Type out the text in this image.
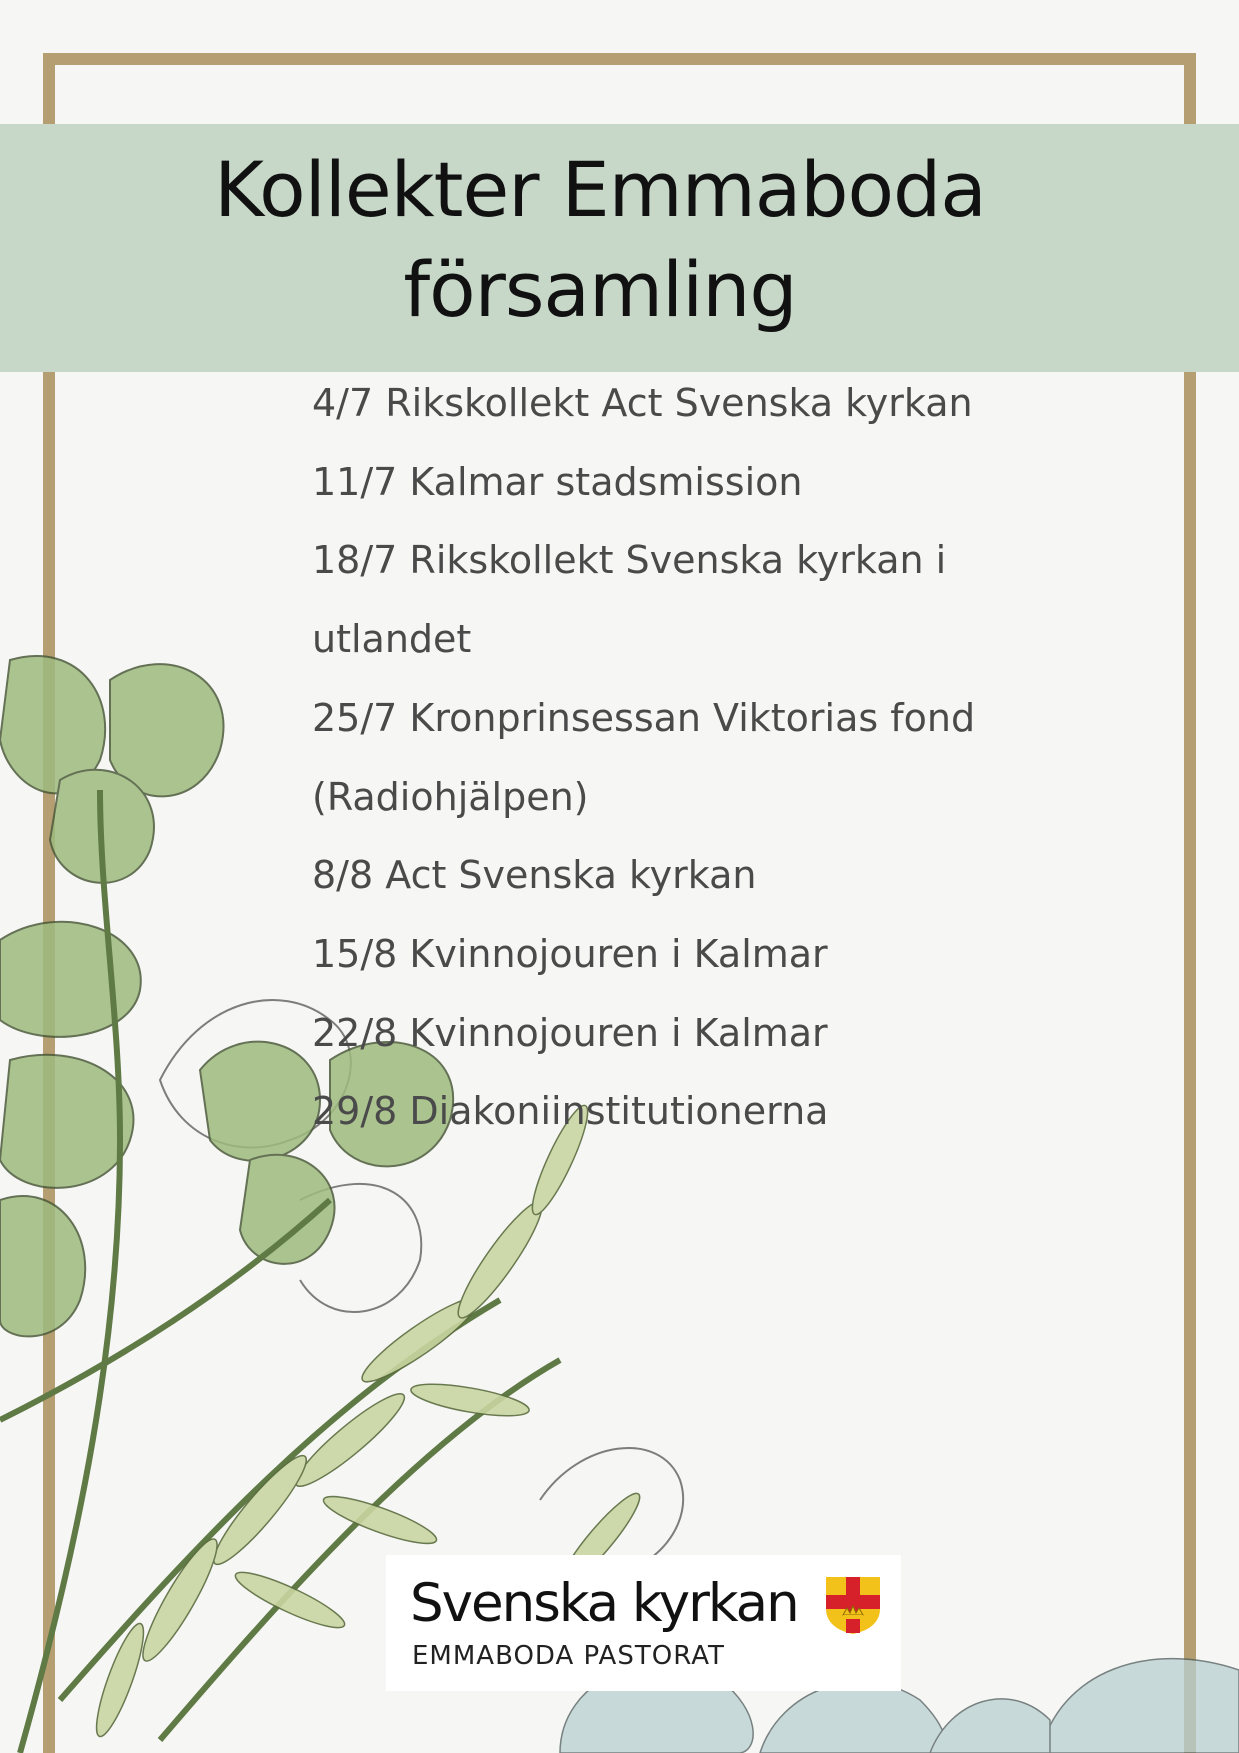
Kollekter Emmaboda
församling
4/7 Rikskollekt Act Svenska kyrkan
11/7 Kalmar stadsmission
18/7 Rikskollekt Svenska kyrkan i
utlandet
25/7 Kronprinsessan Viktorias fond
(Radiohjälpen)
8/8 Act Svenska kyrkan
15/8 Kvinnojouren i Kalmar
22/8 Kvinnojouren i Kalmar
29/8 Diakoniinstitutionerna
Svenska kyrkan
EMMABODA PASTORAT
